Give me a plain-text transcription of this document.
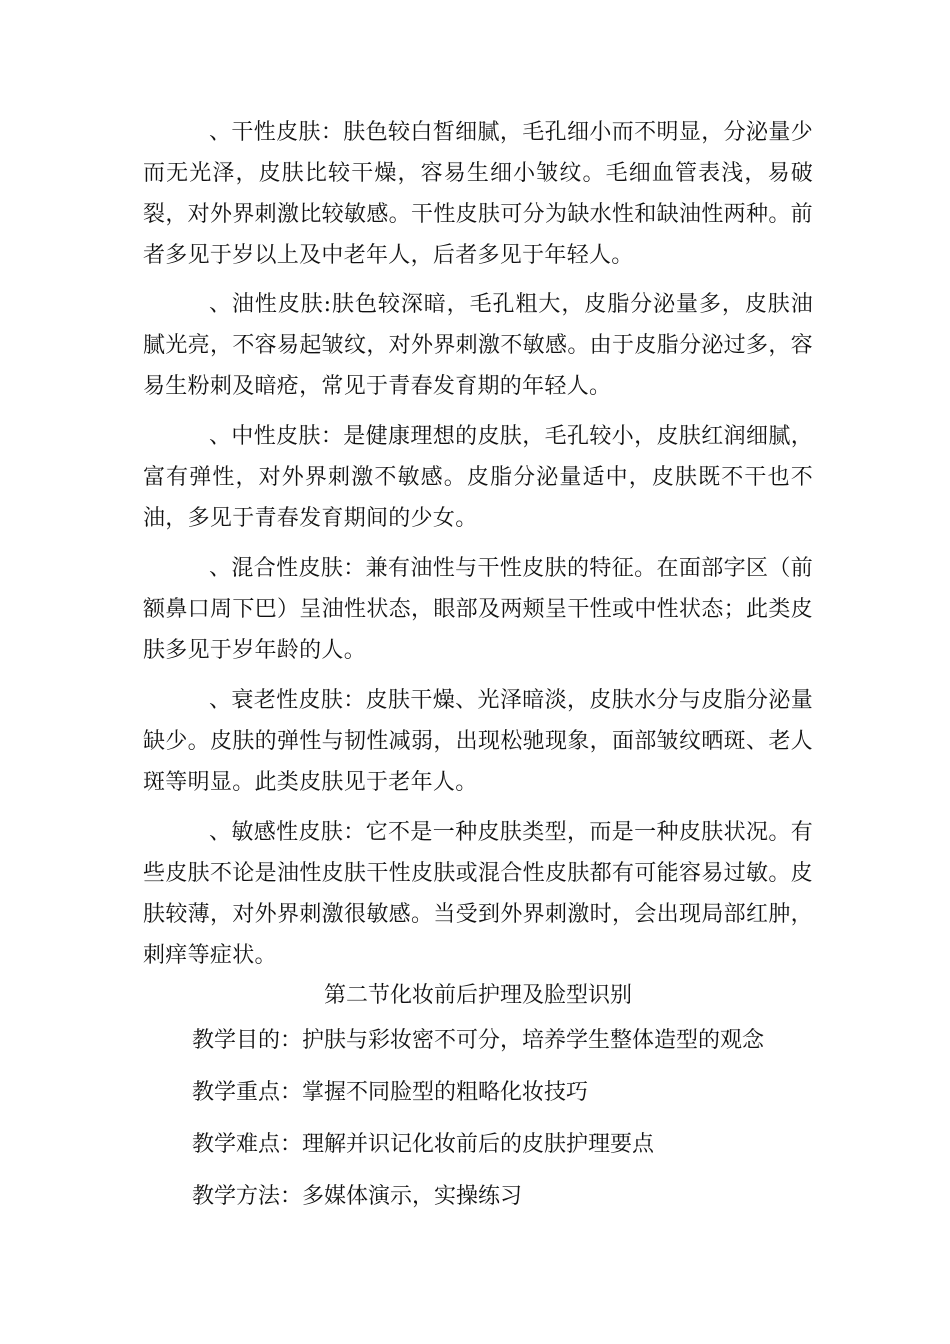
、干性皮肤：肤色较白皙细腻，毛孔细小而不明显，分泌量少而无光泽，皮肤比较干燥，容易生细小皱纹。毛细血管表浅，易破裂，对外界刺激比较敏感。干性皮肤可分为缺水性和缺油性两种。前者多见于岁以上及中老年人，后者多见于年轻人。

、油性皮肤:肤色较深暗，毛孔粗大，皮脂分泌量多，皮肤油腻光亮，不容易起皱纹，对外界刺激不敏感。由于皮脂分泌过多，容易生粉刺及暗疮，常见于青春发育期的年轻人。

、中性皮肤：是健康理想的皮肤，毛孔较小，皮肤红润细腻，富有弹性，对外界刺激不敏感。皮脂分泌量适中，皮肤既不干也不油，多见于青春发育期间的少女。

、混合性皮肤：兼有油性与干性皮肤的特征。在面部字区（前额鼻口周下巴）呈油性状态，眼部及两颊呈干性或中性状态；此类皮肤多见于岁年龄的人。

、衰老性皮肤：皮肤干燥、光泽暗淡，皮肤水分与皮脂分泌量缺少。皮肤的弹性与韧性减弱，出现松驰现象，面部皱纹晒斑、老人斑等明显。此类皮肤见于老年人。

、敏感性皮肤：它不是一种皮肤类型，而是一种皮肤状况。有些皮肤不论是油性皮肤干性皮肤或混合性皮肤都有可能容易过敏。皮肤较薄，对外界刺激很敏感。当受到外界刺激时，会出现局部红肿，刺痒等症状。

第二节化妆前后护理及脸型识别

教学目的：护肤与彩妆密不可分，培养学生整体造型的观念

教学重点：掌握不同脸型的粗略化妆技巧

教学难点：理解并识记化妆前后的皮肤护理要点

教学方法：多媒体演示，实操练习
